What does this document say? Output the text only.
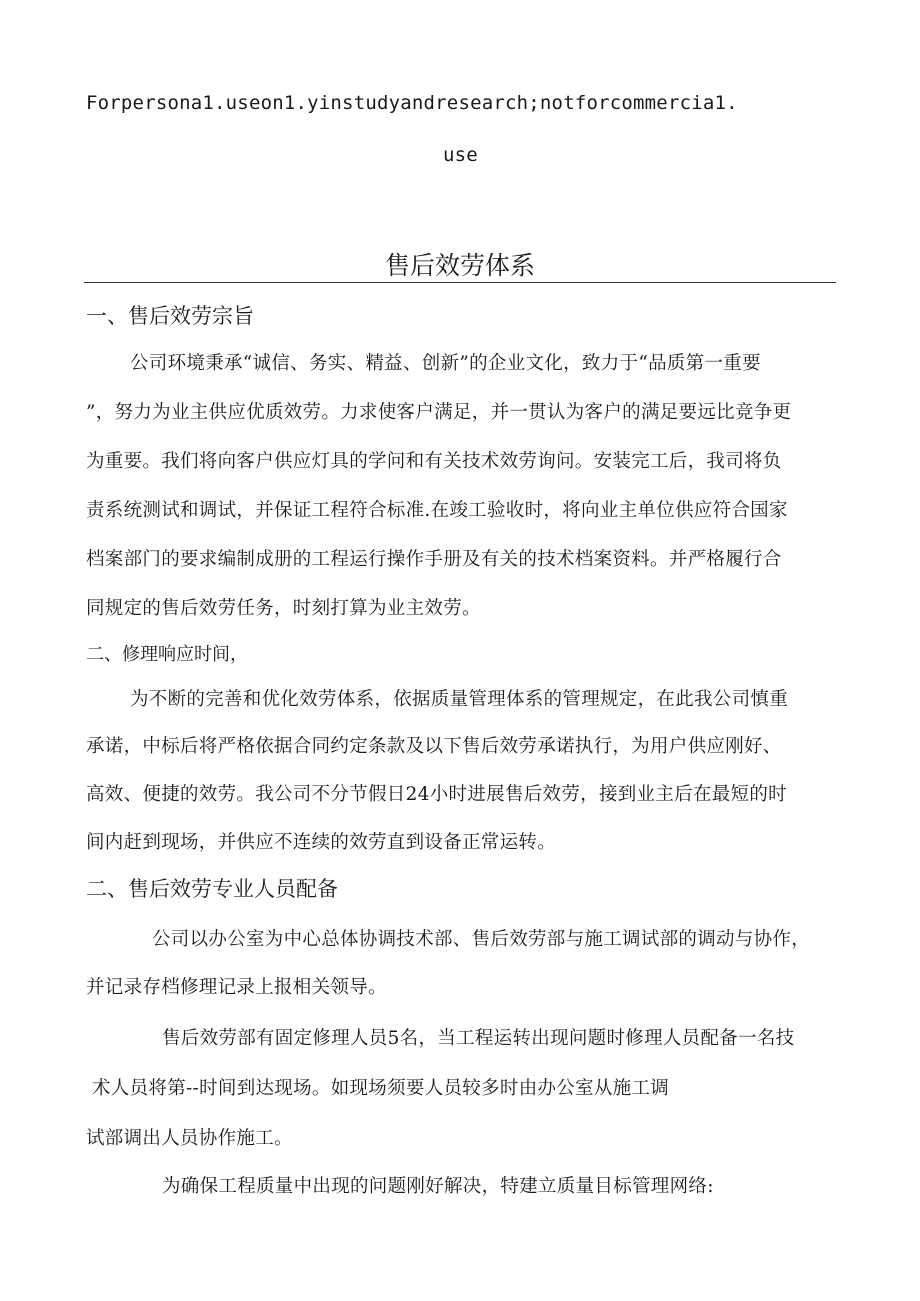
Forpersona1.useon1.yinstudyandresearch;notforcommercia1.
use
售后效劳体系
一、售后效劳宗旨
公司环境秉承“诚信、务实、精益、创新”的企业文化，致力于“品质第一重要
”，努力为业主供应优质效劳。力求使客户满足，并一贯认为客户的满足要远比竞争更
为重要。我们将向客户供应灯具的学问和有关技术效劳询问。安装完工后，我司将负
责系统测试和调试，并保证工程符合标准.在竣工验收时，将向业主单位供应符合国家
档案部门的要求编制成册的工程运行操作手册及有关的技术档案资料。并严格履行合
同规定的售后效劳任务，时刻打算为业主效劳。
二、修理响应时间，
为不断的完善和优化效劳体系，依据质量管理体系的管理规定，在此我公司慎重
承诺，中标后将严格依据合同约定条款及以下售后效劳承诺执行，为用户供应刚好、
高效、便捷的效劳。我公司不分节假日24小时进展售后效劳，接到业主后在最短的时
间内赶到现场，并供应不连续的效劳直到设备正常运转。
二、售后效劳专业人员配备
公司以办公室为中心总体协调技术部、售后效劳部与施工调试部的调动与协作，
并记录存档修理记录上报相关领导。
售后效劳部有固定修理人员5名，当工程运转出现问题时修理人员配备一名技
术人员将第--时间到达现场。如现场须要人员较多时由办公室从施工调
试部调出人员协作施工。
为确保工程质量中出现的问题刚好解决，特建立质量目标管理网络:
